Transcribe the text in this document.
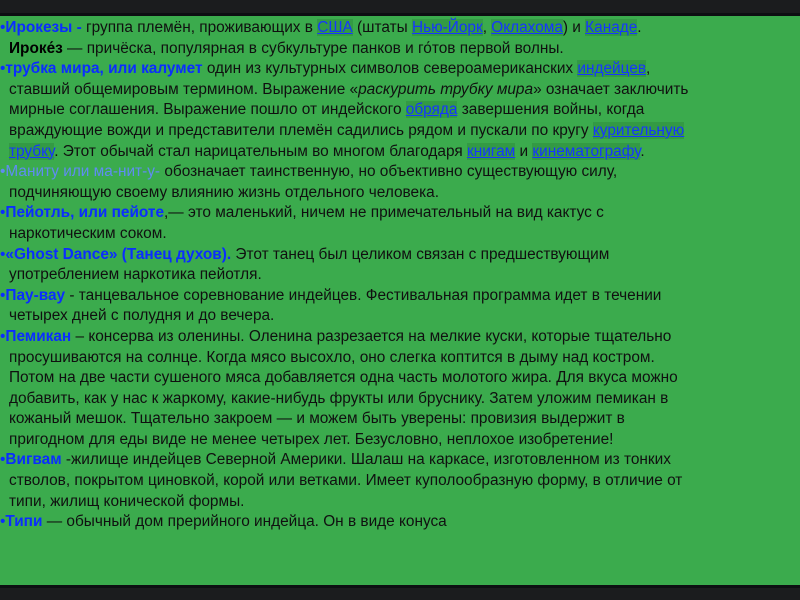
•Ирокезы - группа племён, проживающих в США (штаты Нью-Йорк, Оклахома) и Канаде.
Ироке́з — причёска, популярная в субкультуре панков и го́тов первой волны.
•трубка мира, или калумет один из культурных символов североамериканских индейцев,
ставший общемировым термином. Выражение «раскурить трубку мира» означает заключить
мирные соглашения. Выражение пошло от индейского обряда завершения войны, когда
враждующие вожди и представители племён садились рядом и пускали по кругу курительную
трубку. Этот обычай стал нарицательным во многом благодаря книгам и кинематографу.
•Маниту или ма-нит-у- обозначает таинственную, но объективно существующую силу,
подчиняющую своему влиянию жизнь отдельного человека.
•Пейотль, или пейоте,— это маленький, ничем не примечательный на вид кактус с
наркотическим соком.
•«Ghost Dance» (Танец духов). Этот танец был целиком связан с предшествующим
употреблением наркотика пейотля.
•Пау-вау - танцевальное соревнование индейцев. Фестивальная программа идет в течении
четырех дней с полудня и до вечера.
•Пемикан – консерва из оленины. Оленина разрезается на мелкие куски, которые тщательно
просушиваются на солнце. Когда мясо высохло, оно слегка коптится в дыму над костром.
Потом на две части сушеного мяса добавляется одна часть молотого жира. Для вкуса можно
добавить, как у нас к жаркому, какие-нибудь фрукты или бруснику. Затем уложим пемикан в
кожаный мешок. Тщательно закроем — и можем быть уверены: провизия выдержит в
пригодном для еды виде не менее четырех лет. Безусловно, неплохое изобретение!
•Вигвам -жилище индейцев Северной Америки. Шалаш на каркасе, изготовленном из тонких
стволов, покрытом циновкой, корой или ветками. Имеет куполообразную форму, в отличие от
типи, жилищ конической формы.
•Типи — обычный дом прерийного индейца. Он в виде конуса
